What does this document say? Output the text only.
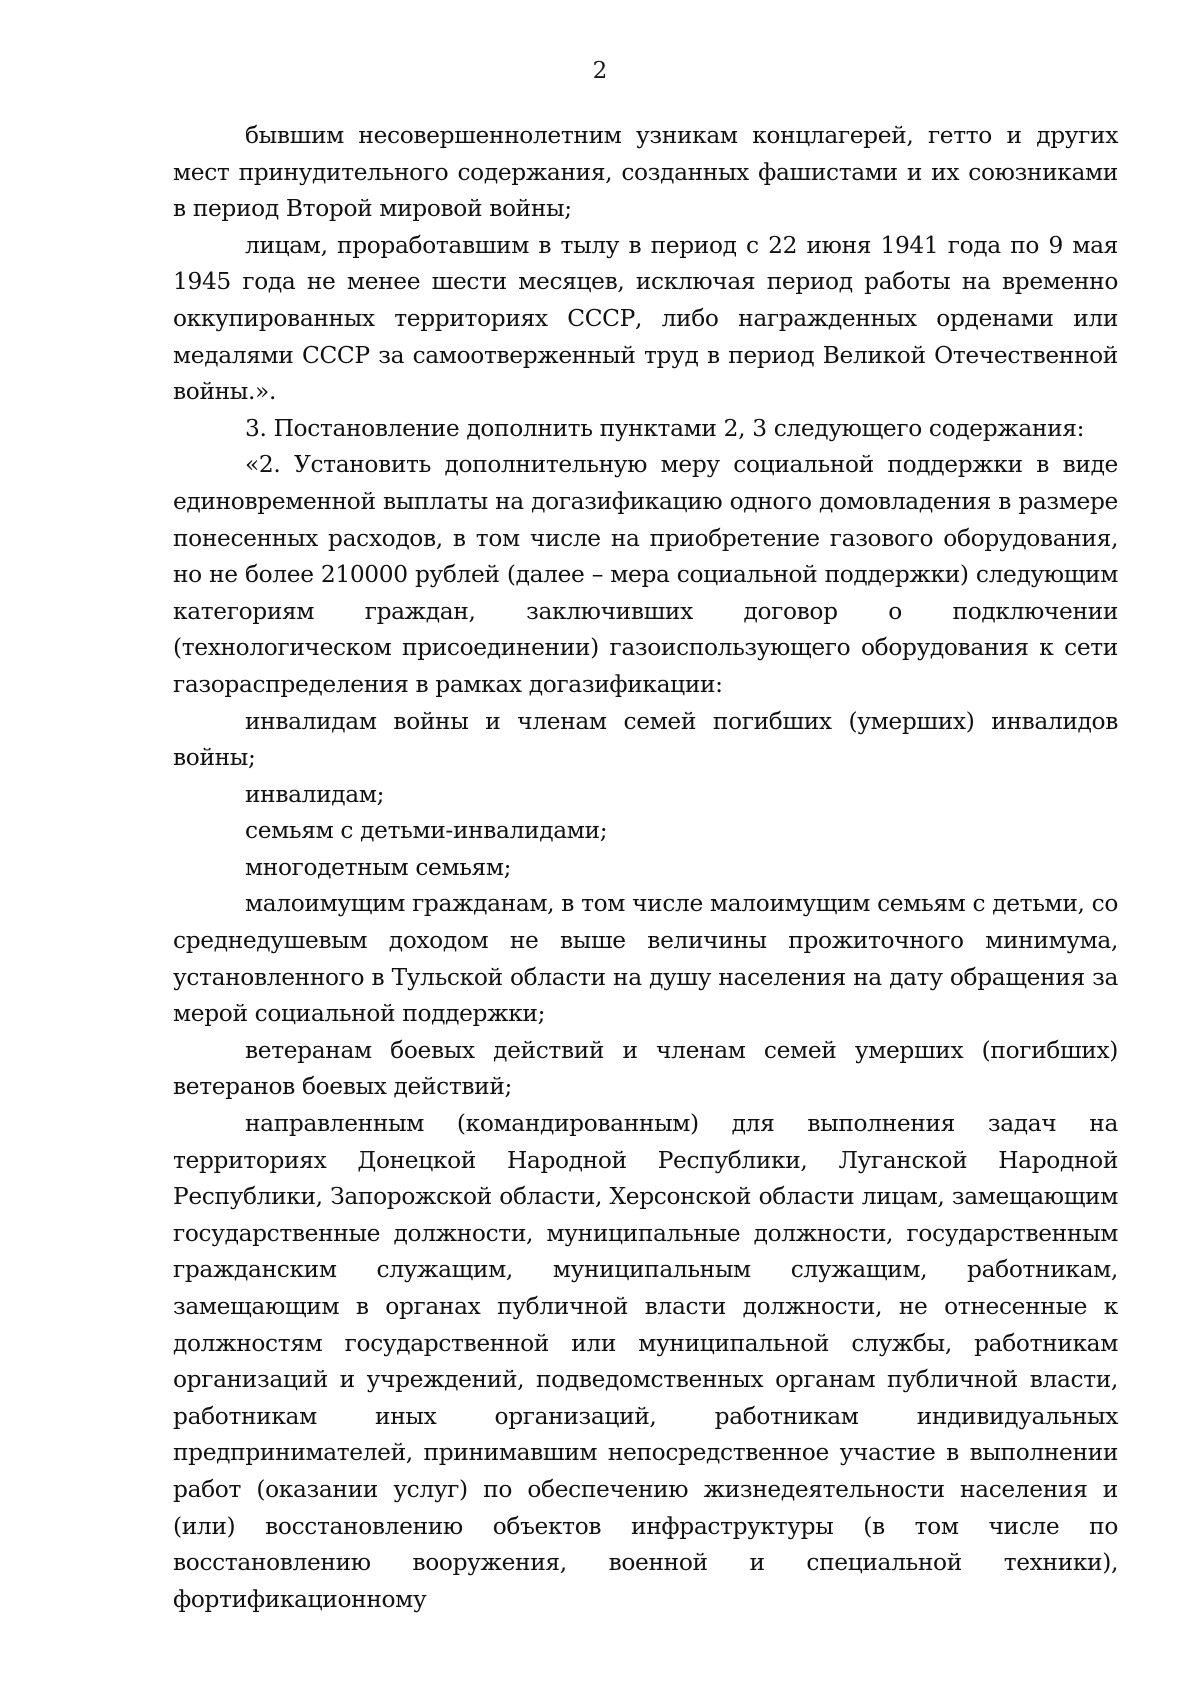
2

бывшим несовершеннолетним узникам концлагерей, гетто и других мест принудительного содержания, созданных фашистами и их союзниками в период Второй мировой войны;

лицам, проработавшим в тылу в период с 22 июня 1941 года по 9 мая 1945 года не менее шести месяцев, исключая период работы на временно оккупированных территориях СССР, либо награжденных орденами или медалями СССР за самоотверженный труд в период Великой Отечественной войны.».

3. Постановление дополнить пунктами 2, 3 следующего содержания:

«2. Установить дополнительную меру социальной поддержки в виде единовременной выплаты на догазификацию одного домовладения в размере понесенных расходов, в том числе на приобретение газового оборудования, но не более 210000 рублей (далее – мера социальной поддержки) следующим категориям граждан, заключивших договор о подключении (технологическом присоединении) газоиспользующего оборудования к сети газораспределения в рамках догазификации:

инвалидам войны и членам семей погибших (умерших) инвалидов войны;

инвалидам;

семьям с детьми-инвалидами;

многодетным семьям;

малоимущим гражданам, в том числе малоимущим семьям с детьми, со среднедушевым доходом не выше величины прожиточного минимума, установленного в Тульской области на душу населения на дату обращения за мерой социальной поддержки;

ветеранам боевых действий и членам семей умерших (погибших) ветеранов боевых действий;

направленным (командированным) для выполнения задач на территориях Донецкой Народной Республики, Луганской Народной Республики, Запорожской области, Херсонской области лицам, замещающим государственные должности, муниципальные должности, государственным гражданским служащим, муниципальным служащим, работникам, замещающим в органах публичной власти должности, не отнесенные к должностям государственной или муниципальной службы, работникам организаций и учреждений, подведомственных органам публичной власти, работникам иных организаций, работникам индивидуальных предпринимателей, принимавшим непосредственное участие в выполнении работ (оказании услуг) по обеспечению жизнедеятельности населения и (или) восстановлению объектов инфраструктуры (в том числе по восстановлению вооружения, военной и специальной техники), фортификационному
